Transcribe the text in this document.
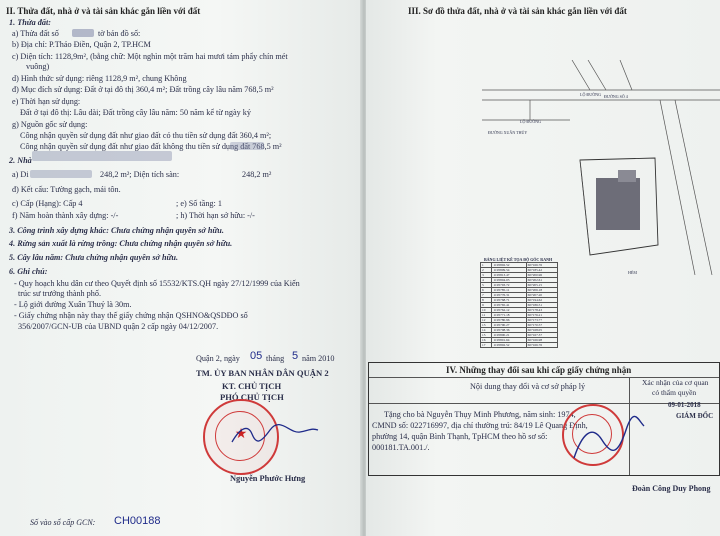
II. Thửa đất, nhà ở và tài sản khác gắn liền với đất
1. Thửa đất:
a) Thửa đất số	tờ bản đồ số:
b) Địa chỉ: P.Thảo Điền, Quận 2, TP.HCM
c) Diện tích: 1128,9m², (bằng chữ: Một nghìn một trăm hai mươi tám phẩy chín mét
vuông)
d) Hình thức sử dụng: riêng 1128,9 m², chung Không
đ) Mục đích sử dụng: Đất ở tại đô thị 360,4 m²; Đất trồng cây lâu năm 768,5 m²
e) Thời hạn sử dụng:
Đất ở tại đô thị: Lâu dài; Đất trồng cây lâu năm: 50 năm kể từ ngày ký
g) Nguồn gốc sử dụng:
Công nhận quyền sử dụng đất như giao đất có thu tiền sử dụng đất 360,4 m²;
Công nhận quyền sử dụng đất như giao đất không thu tiền sử dụng đất 768,5 m²
2. Nhà
a) Di	248,2 m²; Diện tích sàn:	248,2 m²
đ) Kết cấu: Tường gạch, mái tôn.
c) Cấp (Hạng): Cấp 4	; e) Số tầng: 1
f) Năm hoàn thành xây dựng: -/-	; h) Thời hạn sở hữu: -/-
3. Công trình xây dựng khác: Chưa chứng nhận quyền sở hữu.
4. Rừng sản xuất là rừng trồng: Chưa chứng nhận quyền sở hữu.
5. Cây lâu năm: Chưa chứng nhận quyền sở hữu.
6. Ghi chú:
- Quy hoạch khu dân cư theo Quyết định số 15532/KTS.QH ngày 27/12/1999 của Kiến
trúc sư trưởng thành phố.
- Lộ giới đường Xuân Thuỷ là 30m.
- Giấy chứng nhận này thay thế giấy chứng nhận QSHNO&QSDĐO số
356/2007/GCN-UB của UBND quận 2 cấp ngày 04/12/2007.
Quận 2, ngày 05 tháng 5 năm 2010
TM. ỦY BAN NHÂN DÂN QUẬN 2
KT. CHỦ TỊCH
PHÓ CHỦ TỊCH
★
Nguyễn Phước Hưng
Số vào sổ cấp GCN: CH00188
III. Sơ đồ thửa đất, nhà ở và tài sản khác gắn liền với đất
ĐƯỜNG SỐ 4
LỘ ĐƯỜNG
LỘ ĐƯỜNG
ĐƯỜNG XUÂN THỦY
HẺM
BẢNG LIỆT KÊ TỌA ĐỘ GÓC RANH
1	1195802.52	607166.76
2	1195809.54	607185.42
3	1195813.47	607200.96
4	1195804.03	607202.61
5	1195793.72	607205.15
6	1195785.11	607206.18
7	1195776.31	607207.20
8	1195768.71	607194.62
9	1195765.41	607186.51
10	1195762.12	607178.43
11	1195771.18	607176.21
12	1195780.96	607173.77
13	1195790.27	607170.57
14	1195798.36	607168.05
15	1195800.21	607167.37
16	1195801.64	607166.98
17	1195802.52	607166.76
IV. Những thay đổi sau khi cấp giấy chứng nhận
Nội dung thay đổi và cơ sở pháp lý	Xác nhận của cơ quan
có thẩm quyền
Tặng cho bà Nguyễn Thụy Minh Phương, năm sinh: 1974,
CMND số: 022716997, địa chỉ thường trú: 84/19 Lê Quang Định,
phường 14, quận Bình Thạnh, TpHCM theo hồ sơ số:
000181.TA.001./.
09-01-2018
GIÁM ĐỐC
Đoàn Công Duy Phong
